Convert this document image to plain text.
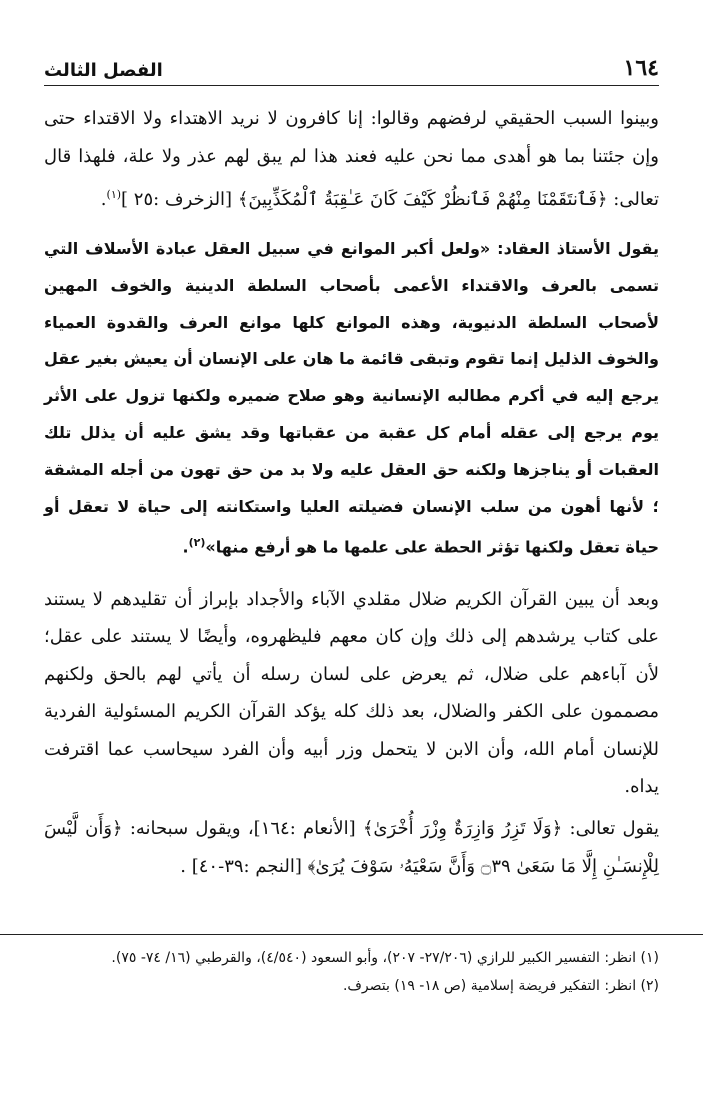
١٦٤
الفصل الثالث

وبينوا السبب الحقيقي لرفضهم وقالوا: إنا كافرون لا نريد الاهتداء ولا الاقتداء حتى وإن جئتنا بما هو أهدى مما نحن عليه فعند هذا لم يبق لهم عذر ولا علة، فلهذا قال تعالى: ﴿فَٱنتَقَمْنَا مِنْهُمْ فَٱنظُرْ كَيْفَ كَانَ عَـٰقِبَةُ ٱلْمُكَذِّبِينَ﴾ [الزخرف :٢٥ ]$^{(١)}$.

يقول الأستاذ العقاد: «ولعل أكبر الموانع في سبيل العقل عبادة الأسلاف التي تسمى بالعرف والاقتداء الأعمى بأصحاب السلطة الدينية والخوف المهين لأصحاب السلطة الدنيوية، وهذه الموانع كلها موانع العرف والقدوة العمياء والخوف الذليل إنما تقوم وتبقى قائمة ما هان على الإنسان أن يعيش بغير عقل يرجع إليه في أكرم مطالبه الإنسانية وهو صلاح ضميره ولكنها تزول على الأثر يوم يرجع إلى عقله أمام كل عقبة من عقباتها وقد يشق عليه أن يذلل تلك العقبات أو يناجزها ولكنه حق العقل عليه ولا بد من حق تهون من أجله المشقة ؛ لأنها أهون من سلب الإنسان فضيلته العليا واستكانته إلى حياة لا تعقل أو حياة تعقل ولكنها تؤثر الحطة على علمها ما هو أرفع منها»$^{(٢)}$.

وبعد أن يبين القرآن الكريم ضلال مقلدي الآباء والأجداد بإبراز أن تقليدهم لا يستند على كتاب يرشدهم إلى ذلك وإن كان معهم فليظهروه، وأيضًا لا يستند على عقل؛ لأن آباءهم على ضلال، ثم يعرض على لسان رسله أن يأتي لهم بالحق ولكنهم مصممون على الكفر والضلال، بعد ذلك كله يؤكد القرآن الكريم المسئولية الفردية للإنسان أمام الله، وأن الابن لا يتحمل وزر أبيه وأن الفرد سيحاسب عما اقترفت يداه.

يقول تعالى: ﴿وَلَا تَزِرُ وَازِرَةٌ وِزْرَ أُخْرَىٰ﴾ [الأنعام :١٦٤]، ويقول سبحانه: ﴿وَأَن لَّيْسَ لِلْإِنسَـٰنِ إِلَّا مَا سَعَىٰ ۝٣٩ وَأَنَّ سَعْيَهُۥ سَوْفَ يُرَىٰ﴾ [النجم :٣٩-٤٠] .

(١) انظر: التفسير الكبير للرازي (٢٧/٢٠٦- ٢٠٧)، وأبو السعود (٤/٥٤٠)، والقرطبي (١٦/ ٧٤- ٧٥).
(٢) انظر: التفكير فريضة إسلامية (ص ١٨- ١٩) بتصرف.
